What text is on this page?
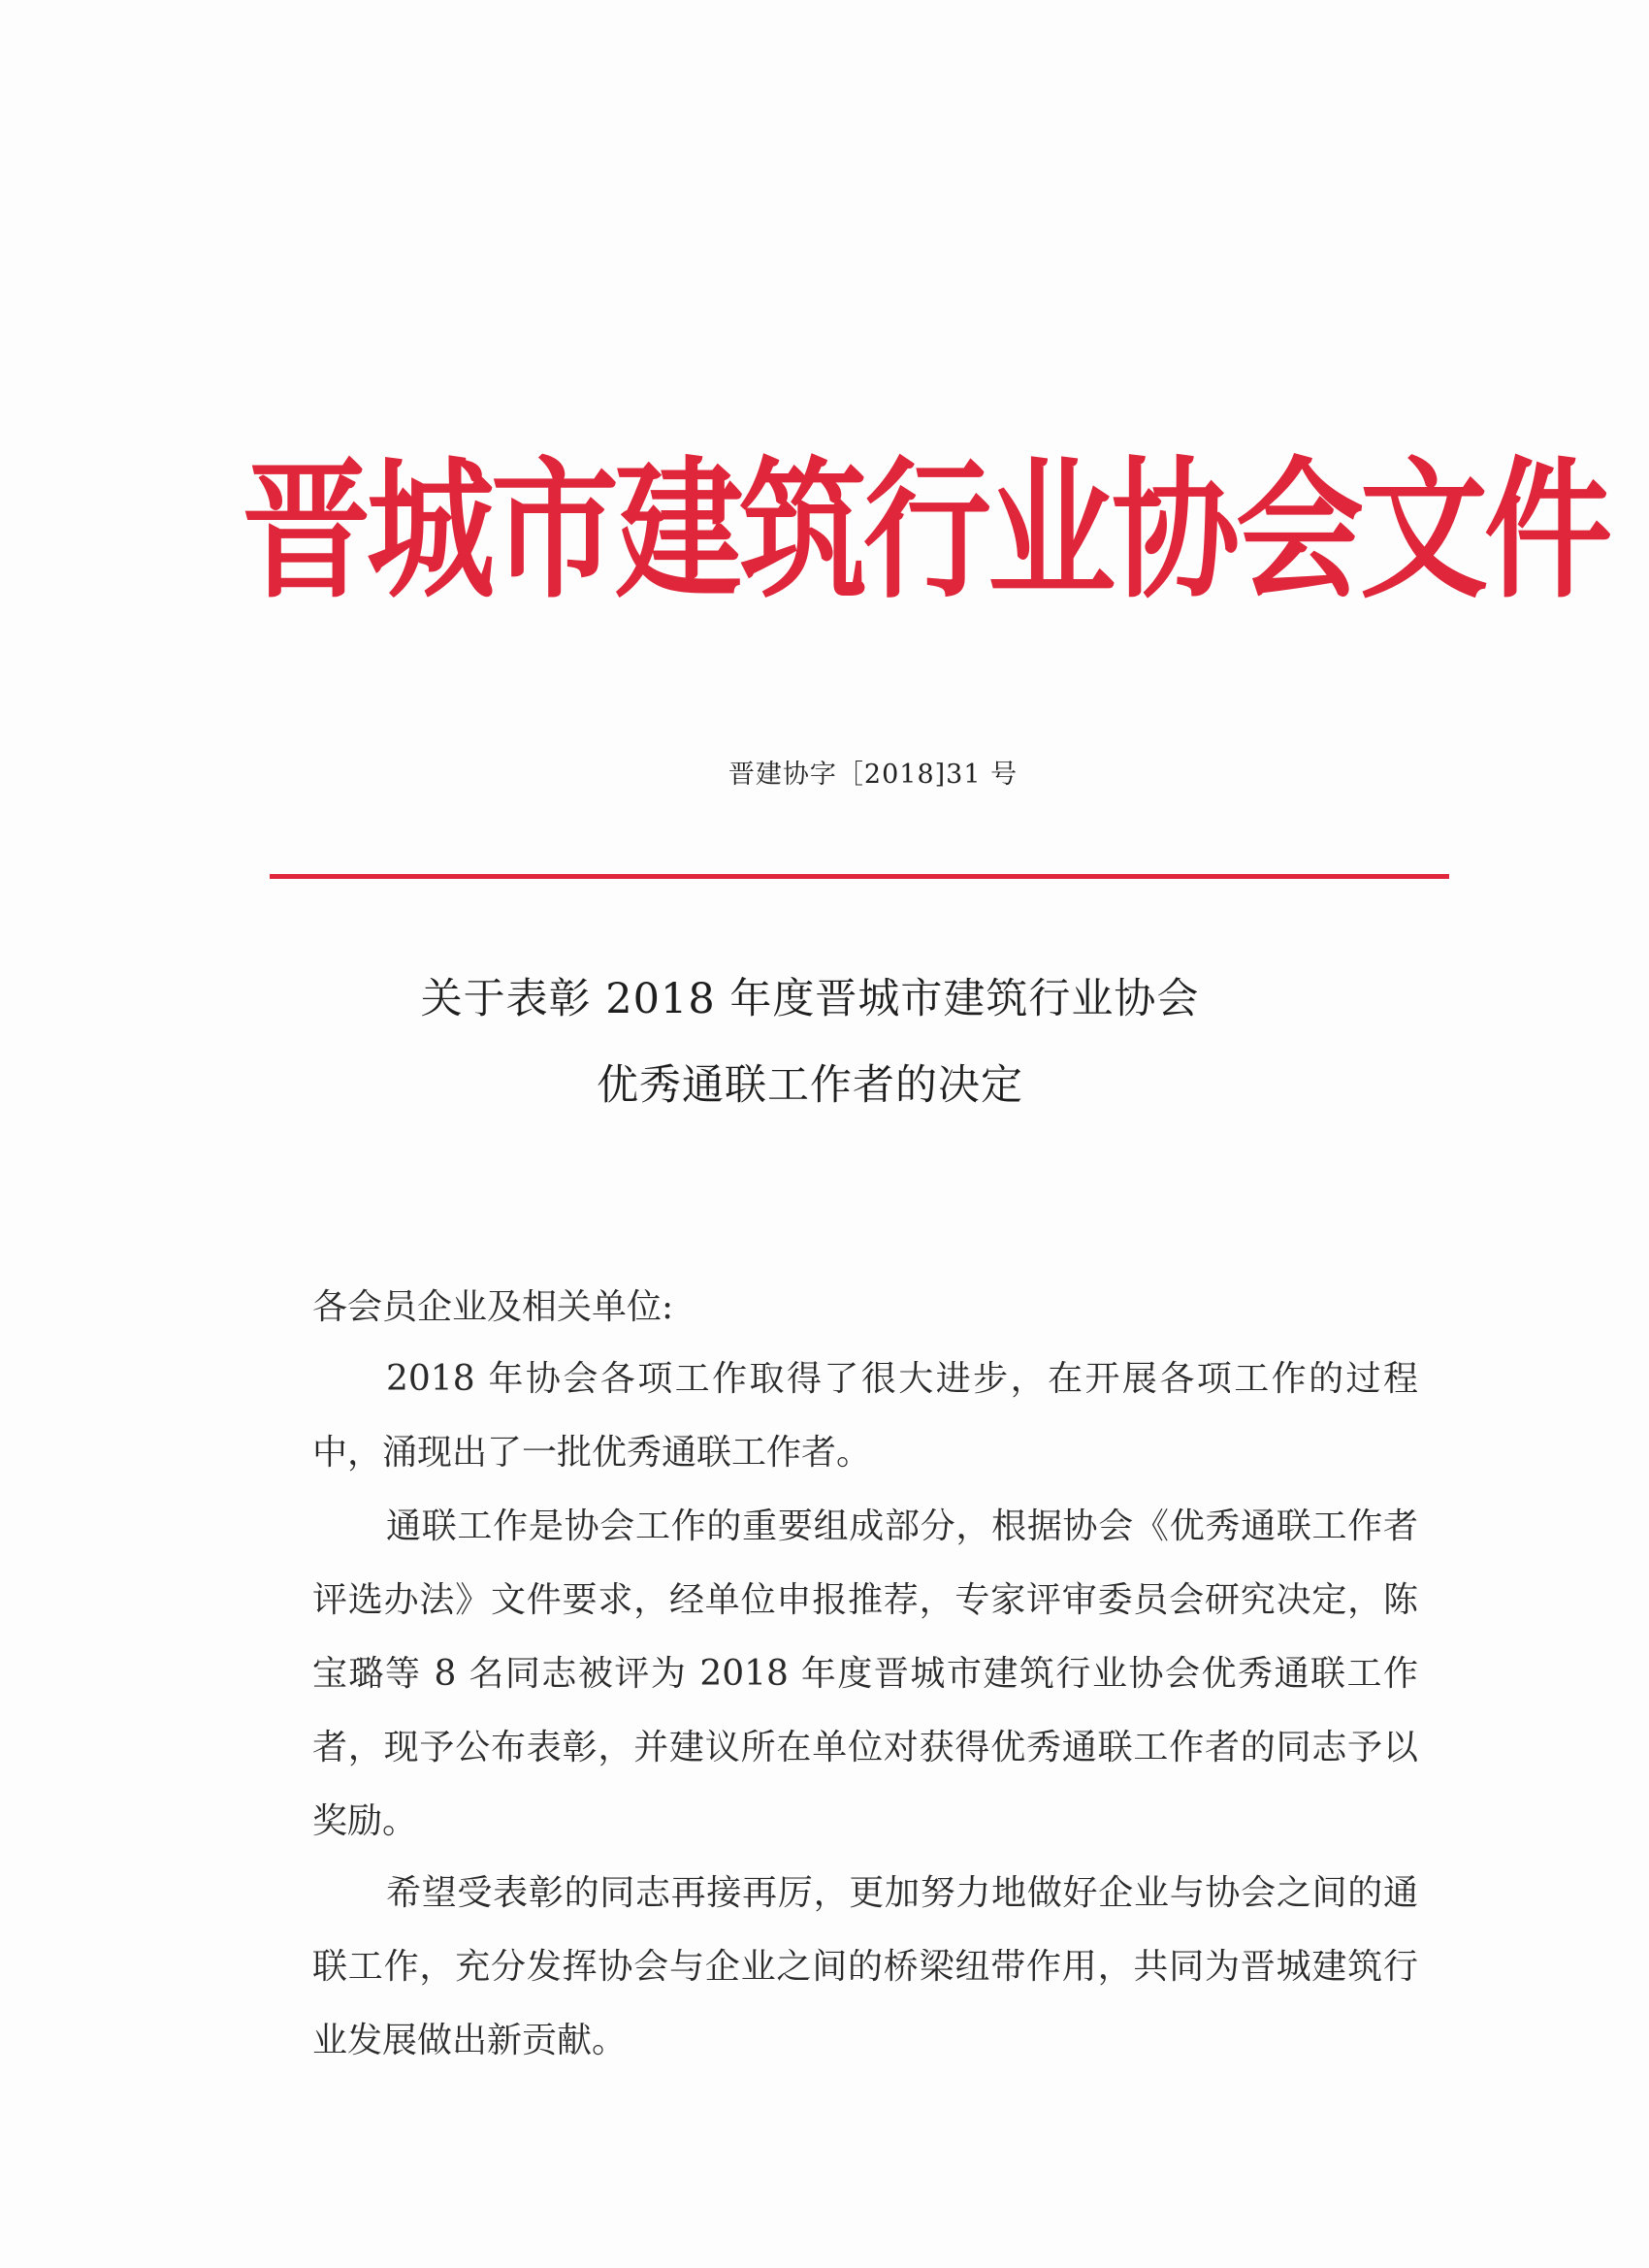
晋城市建筑行业协会文件
晋建协字［2018]31 号
关于表彰 2018 年度晋城市建筑行业协会
优秀通联工作者的决定
各会员企业及相关单位:

2018 年协会各项工作取得了很大进步，在开展各项工作的过程中，涌现出了一批优秀通联工作者。

通联工作是协会工作的重要组成部分，根据协会《优秀通联工作者评选办法》文件要求，经单位申报推荐，专家评审委员会研究决定，陈宝璐等 8 名同志被评为 2018 年度晋城市建筑行业协会优秀通联工作者，现予公布表彰，并建议所在单位对获得优秀通联工作者的同志予以奖励。

希望受表彰的同志再接再厉，更加努力地做好企业与协会之间的通联工作，充分发挥协会与企业之间的桥梁纽带作用，共同为晋城建筑行业发展做出新贡献。
